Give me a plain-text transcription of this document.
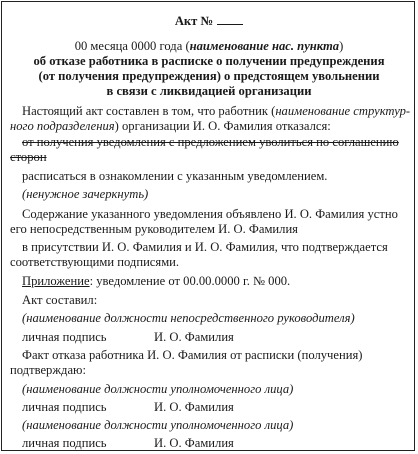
Акт №
00 месяца 0000 года (наименование нас. пункта)
об отказе работника в расписке о получении предупреждения
(от получения предупреждения) о предстоящем увольнении
в связи с ликвидацией организации
Настоящий акт составлен в том, что работник (наименование структур-
ного подразделения) организации И. О. Фамилия отказался:
от получения уведомления с предложением уволиться по соглашению
сторон
расписаться в ознакомлении с указанным уведомлением.
(ненужное зачеркнуть)
Содержание указанного уведомления объявлено И. О. Фамилия устно
его непосредственным руководителем И. О. Фамилия
в присутствии И. О. Фамилия и И. О. Фамилия, что подтверждается
соответствующими подписями.
Приложение: уведомление от 00.00.0000 г. № 000.
Акт составил:
(наименование должности непосредственного руководителя)
личная подпись	И. О. Фамилия
Факт отказа работника И. О. Фамилия от расписки (получения)
подтверждаю:
(наименование должности уполномоченного лица)
личная подпись	И. О. Фамилия
(наименование должности уполномоченного лица)
личная подпись	И. О. Фамилия
